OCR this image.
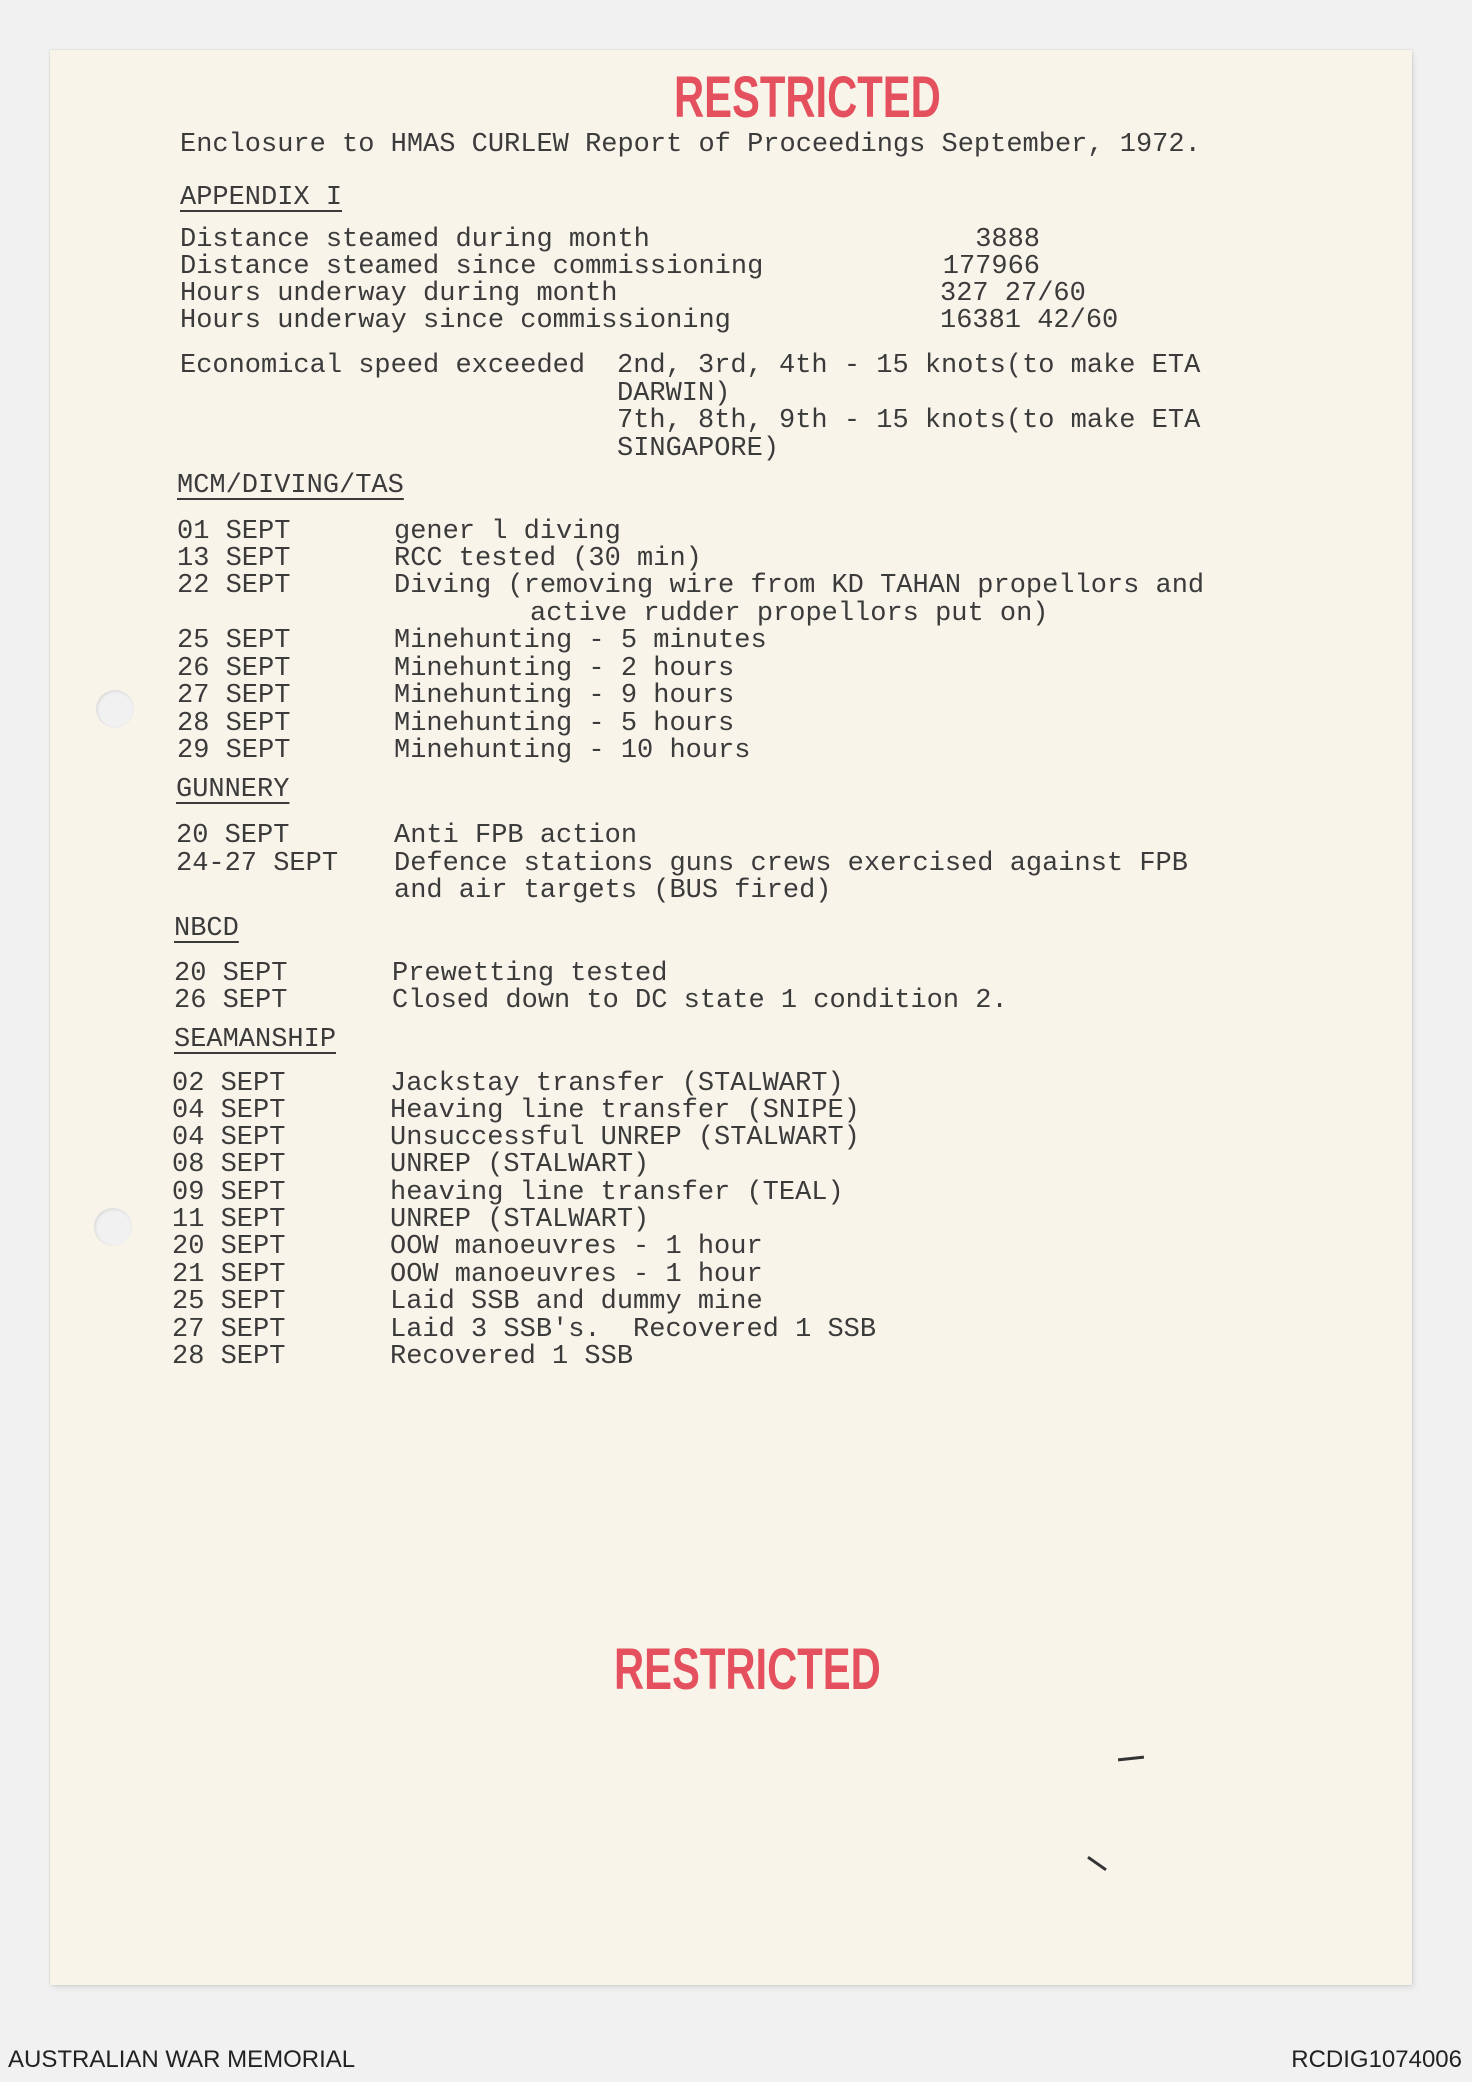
RESTRICTED
Enclosure to HMAS CURLEW Report of Proceedings September, 1972.
APPENDIX I
Distance steamed during month	3888
Distance steamed since commissioning	177966
Hours underway during month	327 27/60
Hours underway since commissioning	16381 42/60
Economical speed exceeded 2nd, 3rd, 4th - 15 knots(to make ETA
DARWIN)
7th, 8th, 9th - 15 knots(to make ETA
SINGAPORE)
MCM/DIVING/TAS
01 SEPT	gener l diving
13 SEPT	RCC tested (30 min)
22 SEPT	Diving (removing wire from KD TAHAN propellors and
active rudder propellors put on)
25 SEPT	Minehunting - 5 minutes
26 SEPT	Minehunting - 2 hours
27 SEPT	Minehunting - 9 hours
28 SEPT	Minehunting - 5 hours
29 SEPT	Minehunting - 10 hours
GUNNERY
20 SEPT	Anti FPB action
24-27 SEPT Defence stations guns crews exercised against FPB
and air targets (BUS fired)
NBCD
20 SEPT	Prewetting tested
26 SEPT	Closed down to DC state 1 condition 2.
SEAMANSHIP
02 SEPT	Jackstay transfer (STALWART)
04 SEPT	Heaving line transfer (SNIPE)
04 SEPT	Unsuccessful UNREP (STALWART)
08 SEPT	UNREP (STALWART)
09 SEPT	heaving line transfer (TEAL)
11 SEPT	UNREP (STALWART)
20 SEPT	OOW manoeuvres - 1 hour
21 SEPT	OOW manoeuvres - 1 hour
25 SEPT	Laid SSB and dummy mine
27 SEPT	Laid 3 SSB's.  Recovered 1 SSB
28 SEPT	Recovered 1 SSB
RESTRICTED
AUSTRALIAN WAR MEMORIAL	RCDIG1074006
